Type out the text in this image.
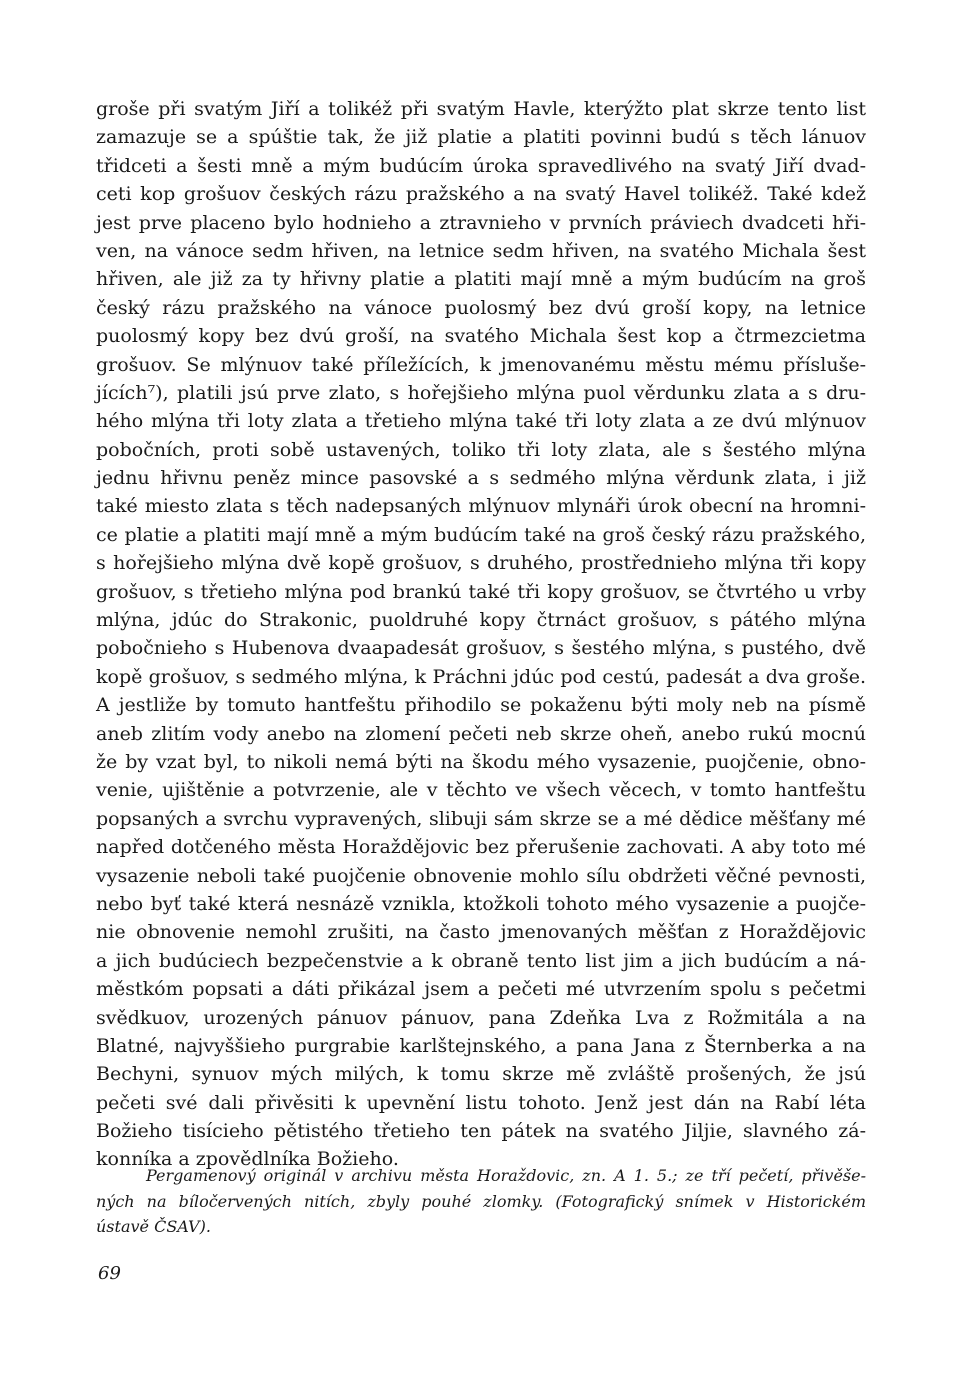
groše při svatým Jiří a tolikéž při svatým Havle, kterýžto plat skrze tento list
zamazuje se a spúštie tak, že již platie a platiti povinni budú s těch lánuov
třidceti a šesti mně a mým budúcím úroka spravedlivého na svatý Jiří dvad-
ceti kop grošuov českých rázu pražského a na svatý Havel tolikéž. Také kdež
jest prve placeno bylo hodnieho a ztravnieho v prvních práviech dvadceti hři-
ven, na vánoce sedm hřiven, na letnice sedm hřiven, na svatého Michala šest
hřiven, ale již za ty hřivny platie a platiti mají mně a mým budúcím na groš
český rázu pražského na vánoce puolosmý bez dvú groší kopy, na letnice
puolosmý kopy bez dvú groší, na svatého Michala šest kop a čtrmezcietma
grošuov. Se mlýnuov také příležících, k jmenovanému městu mému přísluše-
jících⁷), platili jsú prve zlato, s hořejšieho mlýna puol věrdunku zlata a s dru-
hého mlýna tři loty zlata a třetieho mlýna také tři loty zlata a ze dvú mlýnuov
pobočních, proti sobě ustavených, toliko tři loty zlata, ale s šestého mlýna
jednu hřivnu peněz mince pasovské a s sedmého mlýna věrdunk zlata, i již
také miesto zlata s těch nadepsaných mlýnuov mlynáři úrok obecní na hromni-
ce platie a platiti mají mně a mým budúcím také na groš český rázu pražského,
s hořejšieho mlýna dvě kopě grošuov, s druhého, prostřednieho mlýna tři kopy
grošuov, s třetieho mlýna pod brankú také tři kopy grošuov, se čtvrtého u vrby
mlýna, jdúc do Strakonic, puoldruhé kopy čtrnáct grošuov, s pátého mlýna
pobočnieho s Hubenova dvaapadesát grošuov, s šestého mlýna, s pustého, dvě
kopě grošuov, s sedmého mlýna, k Práchni jdúc pod cestú, padesát a dva groše.
A jestliže by tomuto hantfeštu přihodilo se pokaženu býti moly neb na písmě
aneb zlitím vody anebo na zlomení pečeti neb skrze oheň, anebo rukú mocnú
že by vzat byl, to nikoli nemá býti na škodu mého vysazenie, puojčenie, obno-
venie, ujištěnie a potvrzenie, ale v těchto ve všech věcech, v tomto hantfeštu
popsaných a svrchu vypravených, slibuji sám skrze se a mé dědice měšťany mé
napřed dotčeného města Horaždějovic bez přerušenie zachovati. A aby toto mé
vysazenie neboli také puojčenie obnovenie mohlo sílu obdržeti věčné pevnosti,
nebo byť také která nesnázě vznikla, ktožkoli tohoto mého vysazenie a puojče-
nie obnovenie nemohl zrušiti, na často jmenovaných měšťan z Horaždějovic
a jich budúciech bezpečenstvie a k obraně tento list jim a jich budúcím a ná-
městkóm popsati a dáti přikázal jsem a pečeti mé utvrzením spolu s pečetmi
svědkuov, urozených pánuov pánuov, pana Zdeňka Lva z Rožmitála a na
Blatné, najvyššieho purgrabie karlštejnského, a pana Jana z Šternberka a na
Bechyni, synuov mých milých, k tomu skrze mě zvláště prošených, že jsú
pečeti své dali přivěsiti k upevnění listu tohoto. Jenž jest dán na Rabí léta
Božieho tisícieho pětistého třetieho ten pátek na svatého Jiljie, slavného zá-
konníka a zpovědlníka Božieho.
Pergamenový originál v archivu města Horaždovic, zn. A 1. 5.; ze tří pečetí, přivěše-
ných na bíločervených nitích, zbyly pouhé zlomky. (Fotografický snímek v Historickém
ústavě ČSAV).
69
